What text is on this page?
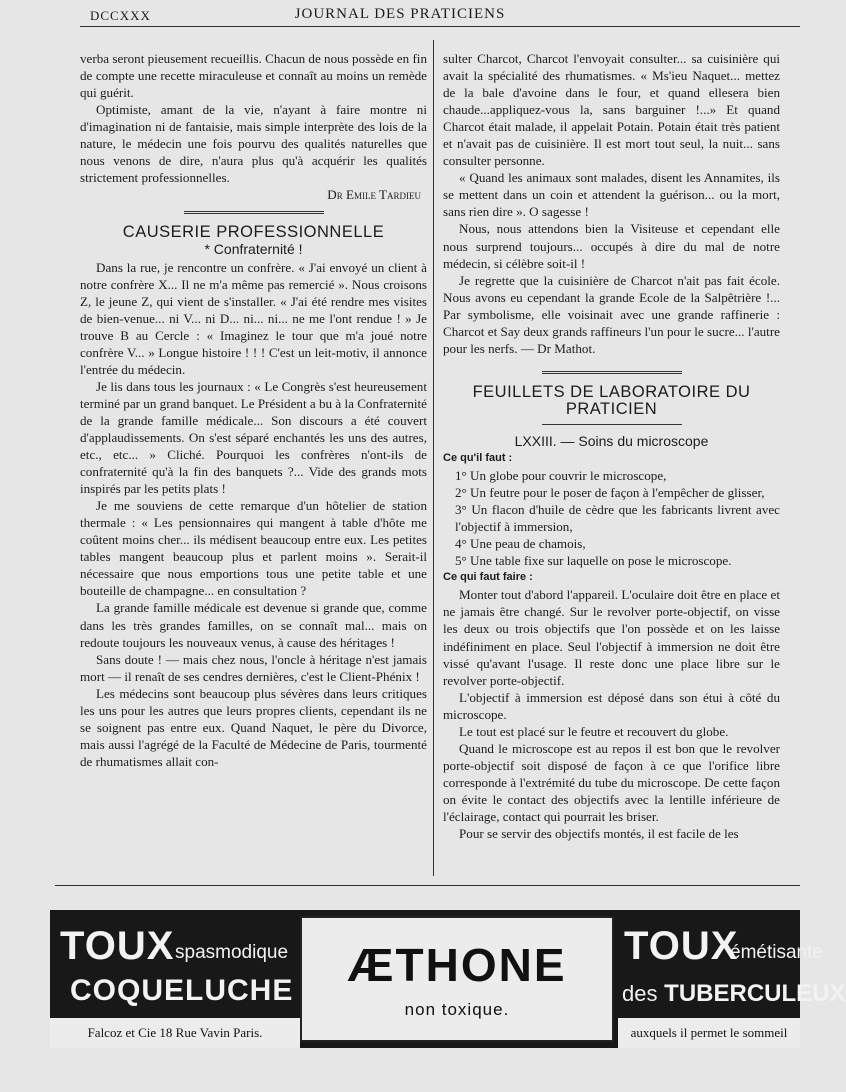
DCCXXX	JOURNAL DES PRATICIENS

verba seront pieusement recueillis. Chacun de nous possède en fin de compte une recette miraculeuse et connaît au moins un remède qui guérit.

Optimiste, amant de la vie, n'ayant à faire montre ni d'imagination ni de fantaisie, mais simple interprète des lois de la nature, le médecin une fois pourvu des qualités naturelles que nous venons de dire, n'aura plus qu'à acquérir les qualités strictement professionnelles.

Dr Emile Tardieu

CAUSERIE PROFESSIONNELLE

* Confraternité !

Dans la rue, je rencontre un confrère. « J'ai envoyé un client à notre confrère X... Il ne m'a même pas remercié ». Nous croisons Z, le jeune Z, qui vient de s'installer. « J'ai été rendre mes visites de bien-venue... ni V... ni D... ni... ni... ne me l'ont rendue ! » Je trouve B au Cercle : « Imaginez le tour que m'a joué notre confrère V... » Longue histoire ! ! ! C'est un leit-motiv, il annonce l'entrée du médecin.

Je lis dans tous les journaux : « Le Congrès s'est heureusement terminé par un grand banquet. Le Président a bu à la Confraternité de la grande famille médicale... Son discours a été couvert d'applaudissements. On s'est séparé enchantés les uns des autres, etc., etc... » Cliché. Pourquoi les confrères n'ont-ils de confraternité qu'à la fin des banquets ?... Vide des grands mots inspirés par les petits plats !

Je me souviens de cette remarque d'un hôtelier de station thermale : « Les pensionnaires qui mangent à table d'hôte me coûtent moins cher... ils médisent beaucoup entre eux. Les petites tables mangent beaucoup plus et parlent moins ». Serait-il nécessaire que nous emportions tous une petite table et une bouteille de champagne... en consultation ?

La grande famille médicale est devenue si grande que, comme dans les très grandes familles, on se connaît mal... mais on redoute toujours les nouveaux venus, à cause des héritages !

Sans doute ! — mais chez nous, l'oncle à héritage n'est jamais mort — il renaît de ses cendres dernières, c'est le Client-Phénix !

Les médecins sont beaucoup plus sévères dans leurs critiques les uns pour les autres que leurs propres clients, cependant ils ne se soignent pas entre eux. Quand Naquet, le père du Divorce, mais aussi l'agrégé de la Faculté de Médecine de Paris, tourmenté de rhumatismes allait con-

sulter Charcot, Charcot l'envoyait consulter... sa cuisinière qui avait la spécialité des rhumatismes. « Ms'ieu Naquet... mettez de la bale d'avoine dans le four, et quand ellesera bien chaude...appliquez-vous la, sans barguiner !...» Et quand Charcot était malade, il appelait Potain. Potain était très patient et n'avait pas de cuisinière. Il est mort tout seul, la nuit... sans consulter personne.

« Quand les animaux sont malades, disent les Annamites, ils se mettent dans un coin et attendent la guérison... ou la mort, sans rien dire ». O sagesse !

Nous, nous attendons bien la Visiteuse et cependant elle nous surprend toujours... occupés à dire du mal de notre médecin, si célèbre soit-il !

Je regrette que la cuisinière de Charcot n'ait pas fait école. Nous avons eu cependant la grande Ecole de la Salpêtrière !... Par symbolisme, elle voisinait avec une grande raffinerie : Charcot et Say deux grands raffineurs l'un pour le sucre... l'autre pour les nerfs. — Dr Mathot.

FEUILLETS DE LABORATOIRE DU PRATICIEN

LXXIII. — Soins du microscope

Ce qu'il faut :

1° Un globe pour couvrir le microscope,

2° Un feutre pour le poser de façon à l'empêcher de glisser,

3° Un flacon d'huile de cèdre que les fabricants livrent avec l'objectif à immersion,

4° Une peau de chamois,

5° Une table fixe sur laquelle on pose le microscope.

Ce qui faut faire :

Monter tout d'abord l'appareil. L'oculaire doit être en place et ne jamais être changé. Sur le revolver porte-objectif, on visse les deux ou trois objectifs que l'on possède et on les laisse indéfiniment en place. Seul l'objectif à immersion ne doit être vissé qu'avant l'usage. Il reste donc une place libre sur le revolver porte-objectif.

L'objectif à immersion est déposé dans son étui à côté du microscope.

Le tout est placé sur le feutre et recouvert du globe.

Quand le microscope est au repos il est bon que le revolver porte-objectif soit disposé de façon à ce que l'orifice libre corresponde à l'extrémité du tube du microscope. De cette façon on évite le contact des objectifs avec la lentille inférieure de l'éclairage, contact qui pourrait les briser.

Pour se servir des objectifs montés, il est facile de les

TOUX spasmodique
COQUELUCHE
Falcoz et Cie 18 Rue Vavin Paris.
ÆTHONE
non toxique.
TOUX
émétisante
des TUBERCULEUX
auxquels il permet le sommeil
